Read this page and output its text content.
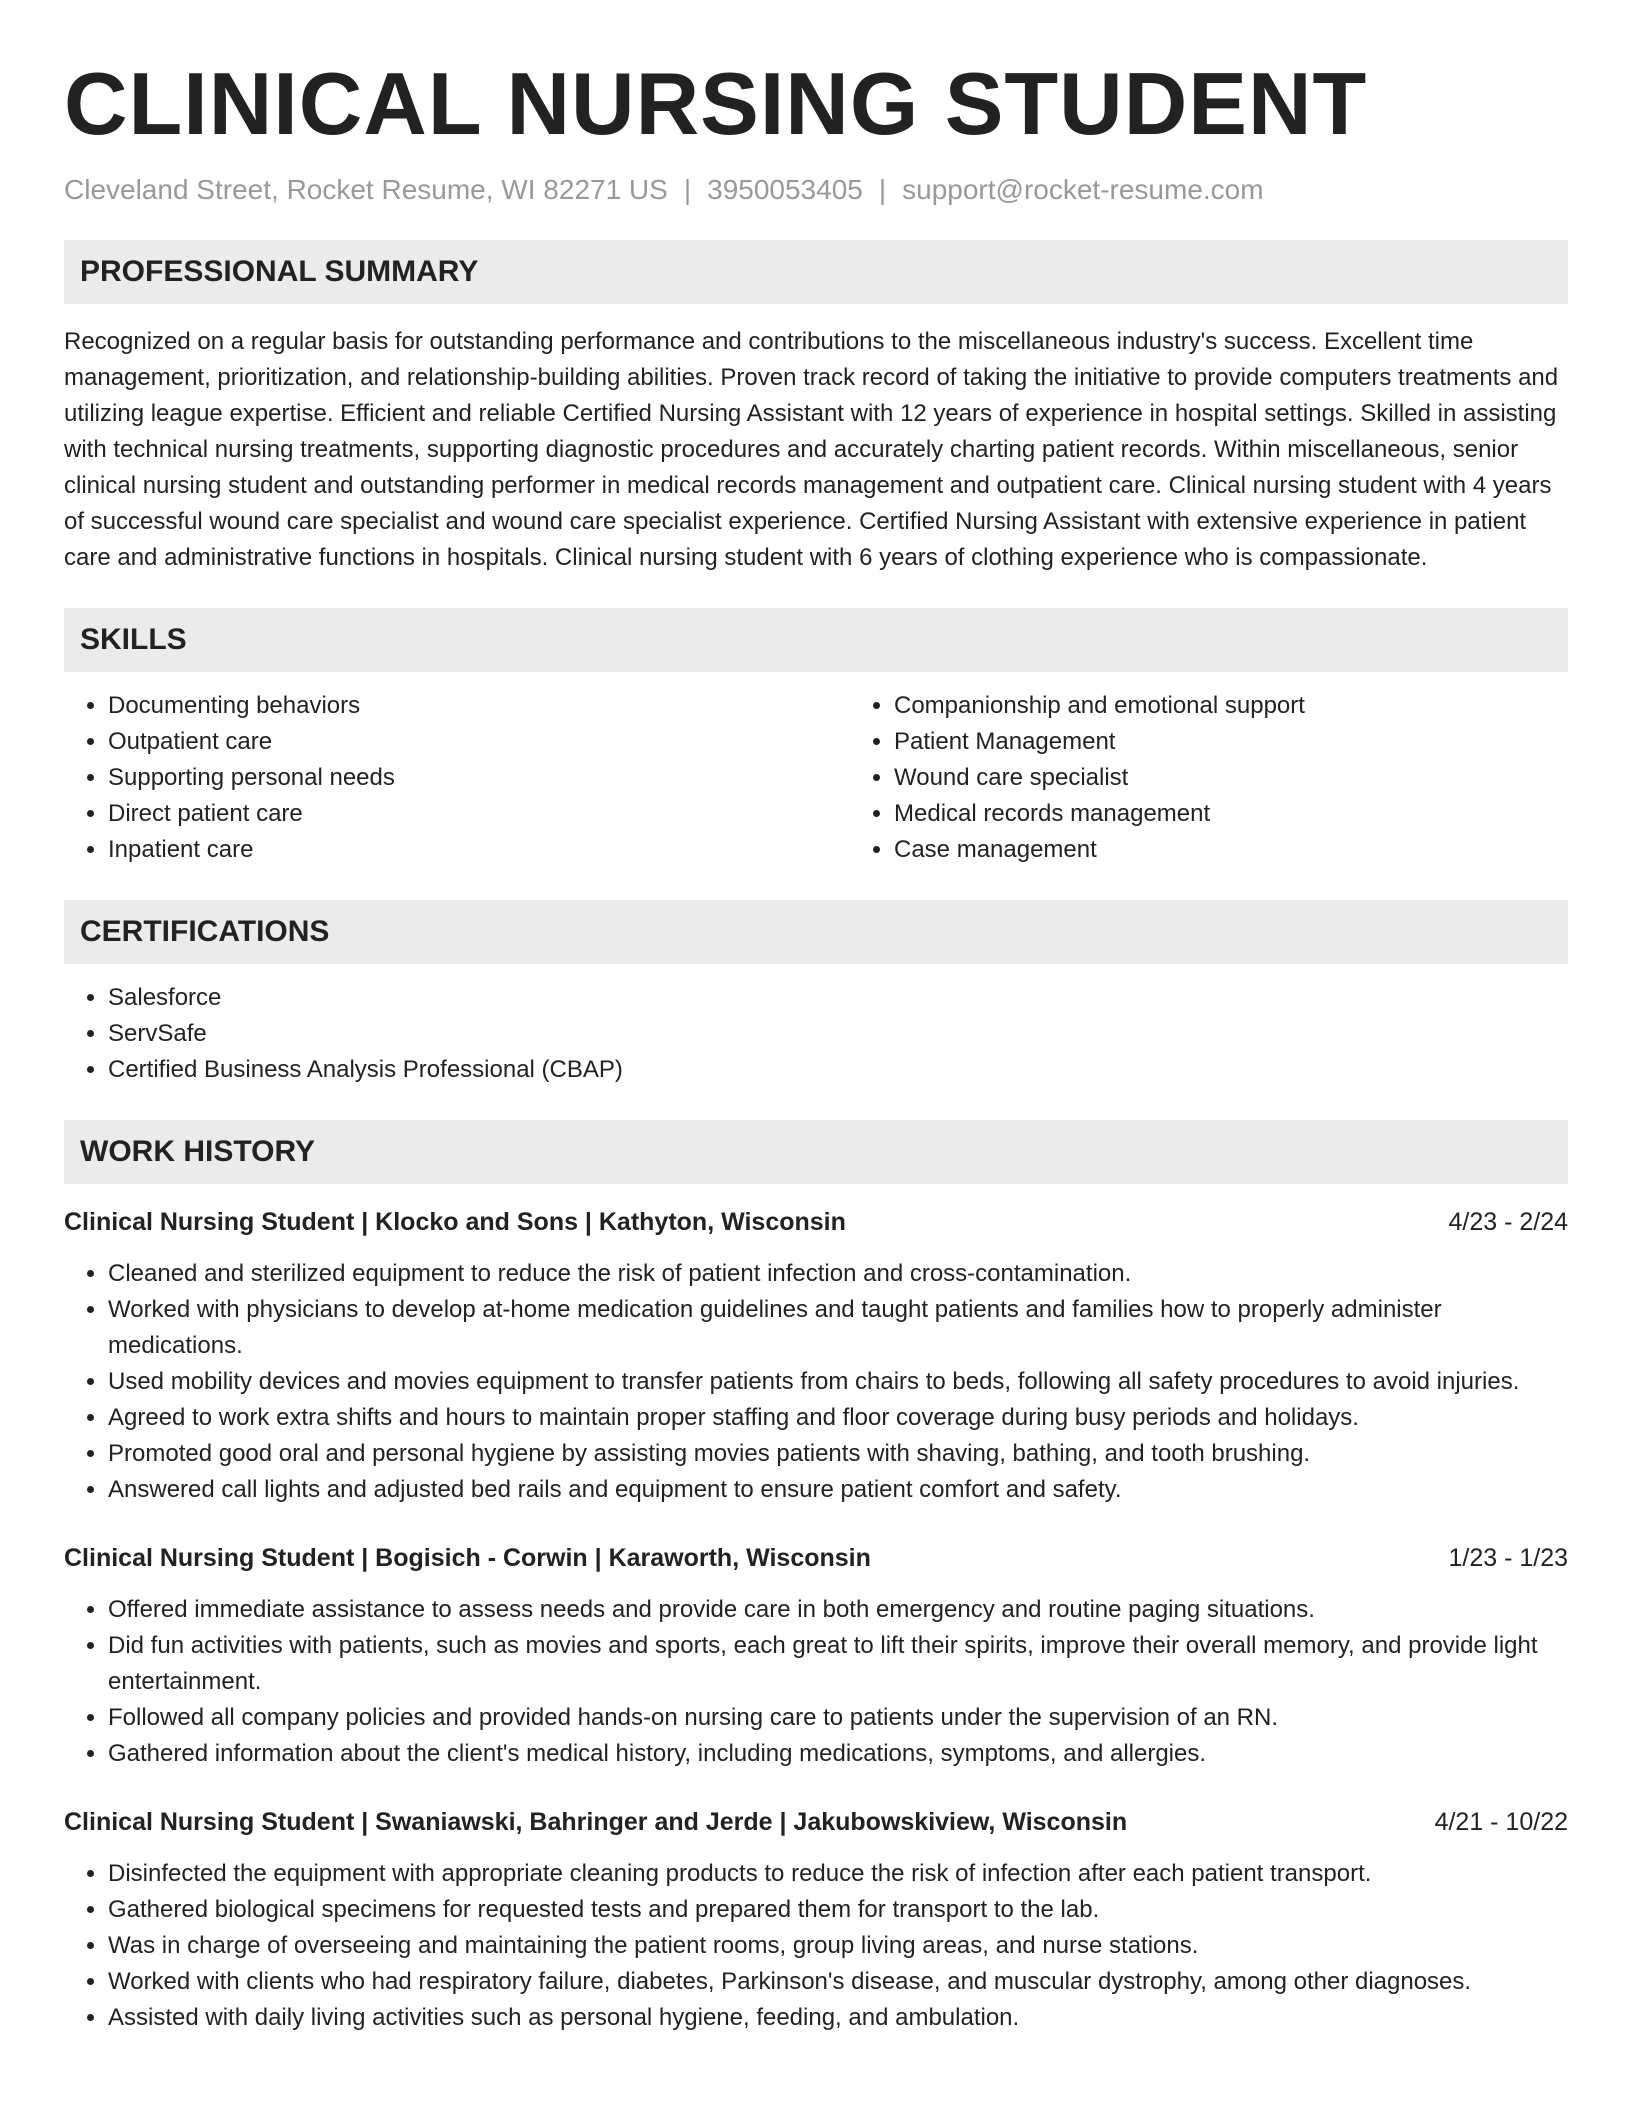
CLINICAL NURSING STUDENT
Cleveland Street, Rocket Resume, WI 82271 US | 3950053405 | support@rocket-resume.com
PROFESSIONAL SUMMARY

Recognized on a regular basis for outstanding performance and contributions to the miscellaneous industry's success. Excellent time management, prioritization, and relationship-building abilities. Proven track record of taking the initiative to provide computers treatments and utilizing league expertise. Efficient and reliable Certified Nursing Assistant with 12 years of experience in hospital settings. Skilled in assisting with technical nursing treatments, supporting diagnostic procedures and accurately charting patient records. Within miscellaneous, senior clinical nursing student and outstanding performer in medical records management and outpatient care. Clinical nursing student with 4 years of successful wound care specialist and wound care specialist experience. Certified Nursing Assistant with extensive experience in patient care and administrative functions in hospitals. Clinical nursing student with 6 years of clothing experience who is compassionate.

SKILLS
• Documenting behaviors
• Outpatient care
• Supporting personal needs
• Direct patient care
• Inpatient care
• Companionship and emotional support
• Patient Management
• Wound care specialist
• Medical records management
• Case management
CERTIFICATIONS
• Salesforce
• ServSafe
• Certified Business Analysis Professional (CBAP)
WORK HISTORY
Clinical Nursing Student | Klocko and Sons | Kathyton, Wisconsin	4/23 - 2/24
• Cleaned and sterilized equipment to reduce the risk of patient infection and cross-contamination.
• Worked with physicians to develop at-home medication guidelines and taught patients and families how to properly administer medications.
• Used mobility devices and movies equipment to transfer patients from chairs to beds, following all safety procedures to avoid injuries.
• Agreed to work extra shifts and hours to maintain proper staffing and floor coverage during busy periods and holidays.
• Promoted good oral and personal hygiene by assisting movies patients with shaving, bathing, and tooth brushing.
• Answered call lights and adjusted bed rails and equipment to ensure patient comfort and safety.
Clinical Nursing Student | Bogisich - Corwin | Karaworth, Wisconsin	1/23 - 1/23
• Offered immediate assistance to assess needs and provide care in both emergency and routine paging situations.
• Did fun activities with patients, such as movies and sports, each great to lift their spirits, improve their overall memory, and provide light entertainment.
• Followed all company policies and provided hands-on nursing care to patients under the supervision of an RN.
• Gathered information about the client's medical history, including medications, symptoms, and allergies.
Clinical Nursing Student | Swaniawski, Bahringer and Jerde | Jakubowskiview, Wisconsin	4/21 - 10/22
• Disinfected the equipment with appropriate cleaning products to reduce the risk of infection after each patient transport.
• Gathered biological specimens for requested tests and prepared them for transport to the lab.
• Was in charge of overseeing and maintaining the patient rooms, group living areas, and nurse stations.
• Worked with clients who had respiratory failure, diabetes, Parkinson's disease, and muscular dystrophy, among other diagnoses.
• Assisted with daily living activities such as personal hygiene, feeding, and ambulation.
